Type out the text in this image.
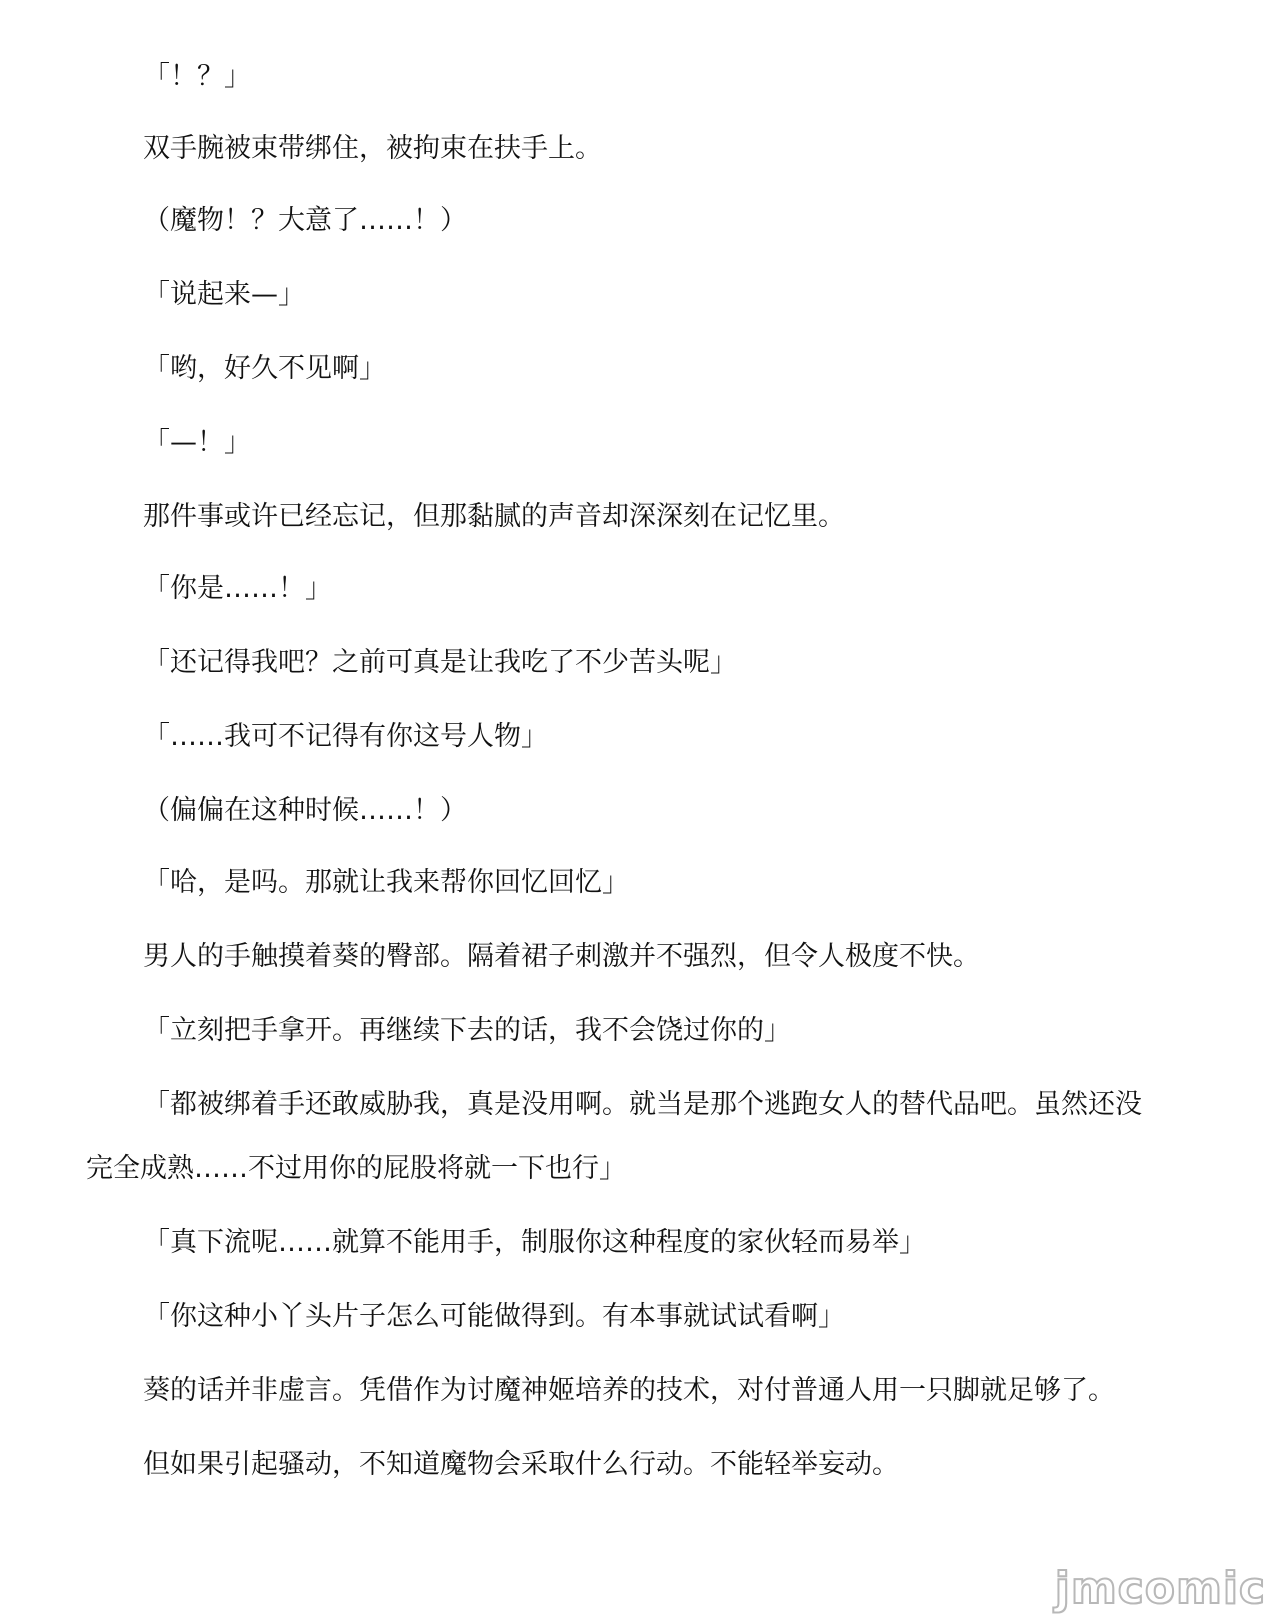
「！？」
双手腕被束带绑住，被拘束在扶手上。
（魔物！？大意了……！）
「说起来—」
「哟，好久不见啊」
「—！」
那件事或许已经忘记，但那黏腻的声音却深深刻在记忆里。
「你是……！」
「还记得我吧？之前可真是让我吃了不少苦头呢」
「……我可不记得有你这号人物」
（偏偏在这种时候……！）
「哈，是吗。那就让我来帮你回忆回忆」
男人的手触摸着葵的臀部。隔着裙子刺激并不强烈，但令人极度不快。
「立刻把手拿开。再继续下去的话，我不会饶过你的」
「都被绑着手还敢威胁我，真是没用啊。就当是那个逃跑女人的替代品吧。虽然还没
完全成熟……不过用你的屁股将就一下也行」
「真下流呢……就算不能用手，制服你这种程度的家伙轻而易举」
「你这种小丫头片子怎么可能做得到。有本事就试试看啊」
葵的话并非虚言。凭借作为讨魔神姬培养的技术，对付普通人用一只脚就足够了。
但如果引起骚动，不知道魔物会采取什么行动。不能轻举妄动。
jmcomic
